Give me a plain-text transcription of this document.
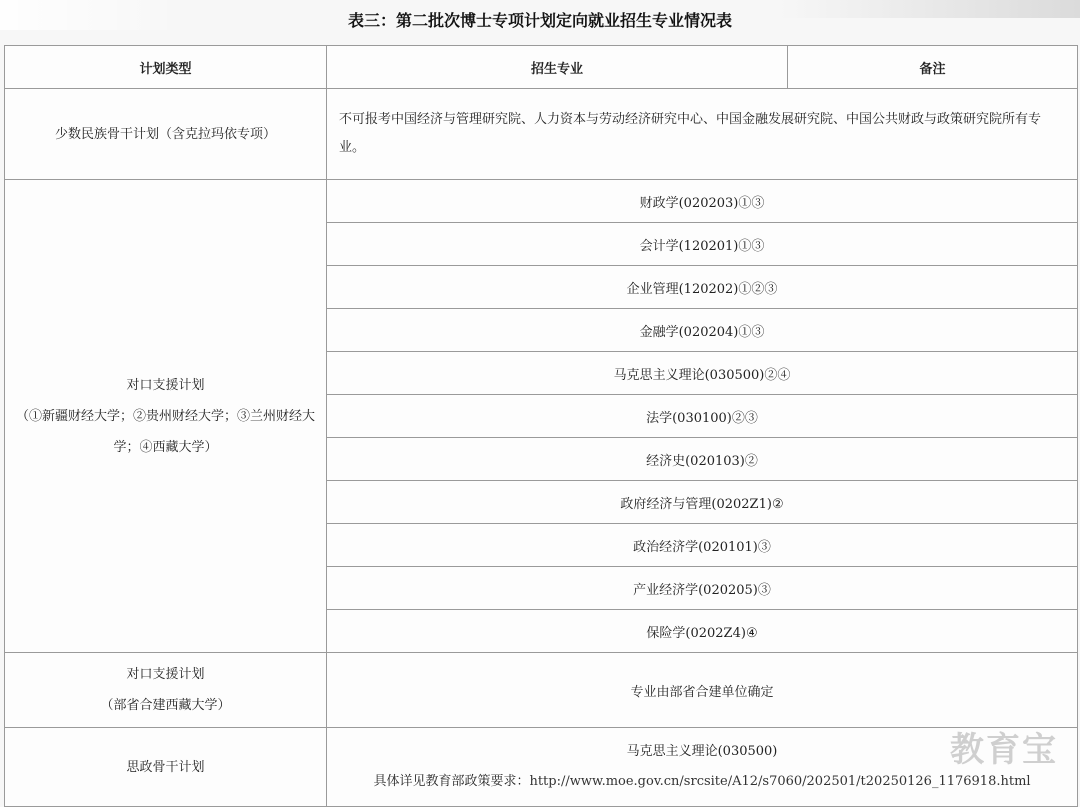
表三：第二批次博士专项计划定向就业招生专业情况表
计划类型	招生专业	备注
少数民族骨干计划（含克拉玛依专项）	不可报考中国经济与管理研究院、人力资本与劳动经济研究中心、中国金融发展研究院、中国公共财政与政策研究院所有专业。	

对口支援计划
（①新疆财经大学；②贵州财经大学；③兰州财经大学；④西藏大学）	财政学(020203)①③	
	会计学(120201)①③	
	企业管理(120202)①②③	
	金融学(020204)①③	
	马克思主义理论(030500)②④	
	法学(030100)②③	
	经济史(020103)②	
	政府经济与管理(0202Z1)②	
	政治经济学(020101)③	
	产业经济学(020205)③	
	保险学(0202Z4)④	

对口支援计划
（部省合建西藏大学）	专业由部省合建单位确定	
思政骨干计划	马克思主义理论(030500)
具体详见教育部政策要求：http://www.moe.gov.cn/srcsite/A12/s7060/202501/t20250126_1176918.html	
教育宝
